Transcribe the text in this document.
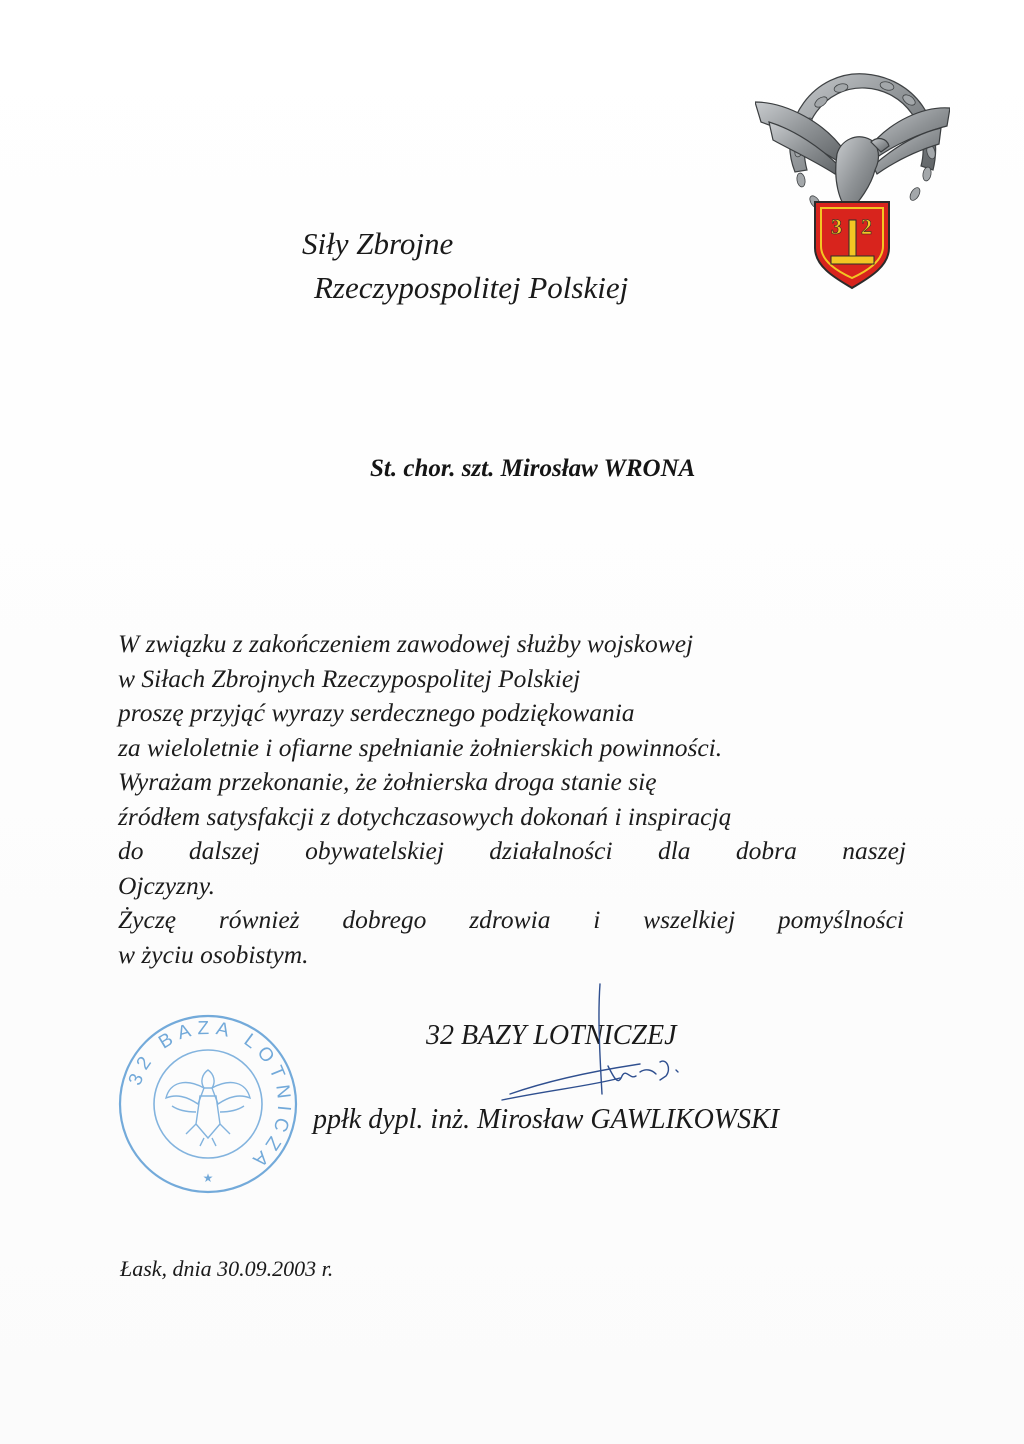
3 2
Siły Zbrojne
Rzeczypospolitej Polskiej
St. chor. szt. Mirosław WRONA
W związku z zakończeniem zawodowej służby wojskowej
w Siłach Zbrojnych Rzeczypospolitej Polskiej
proszę przyjąć wyrazy serdecznego podziękowania
za wieloletnie i ofiarne spełnianie żołnierskich powinności.
Wyrażam przekonanie, że żołnierska droga stanie się
źródłem satysfakcji z dotychczasowych dokonań i inspiracją
do dalszej obywatelskiej działalności dla dobra naszej
Ojczyzny.
Życzę również dobrego zdrowia i wszelkiej pomyślności
w życiu osobistym.
32 BAZA LOTNICZA
★
32 BAZY LOTNICZEJ
ppłk dypl. inż. Mirosław GAWLIKOWSKI
Łask, dnia 30.09.2003 r.
